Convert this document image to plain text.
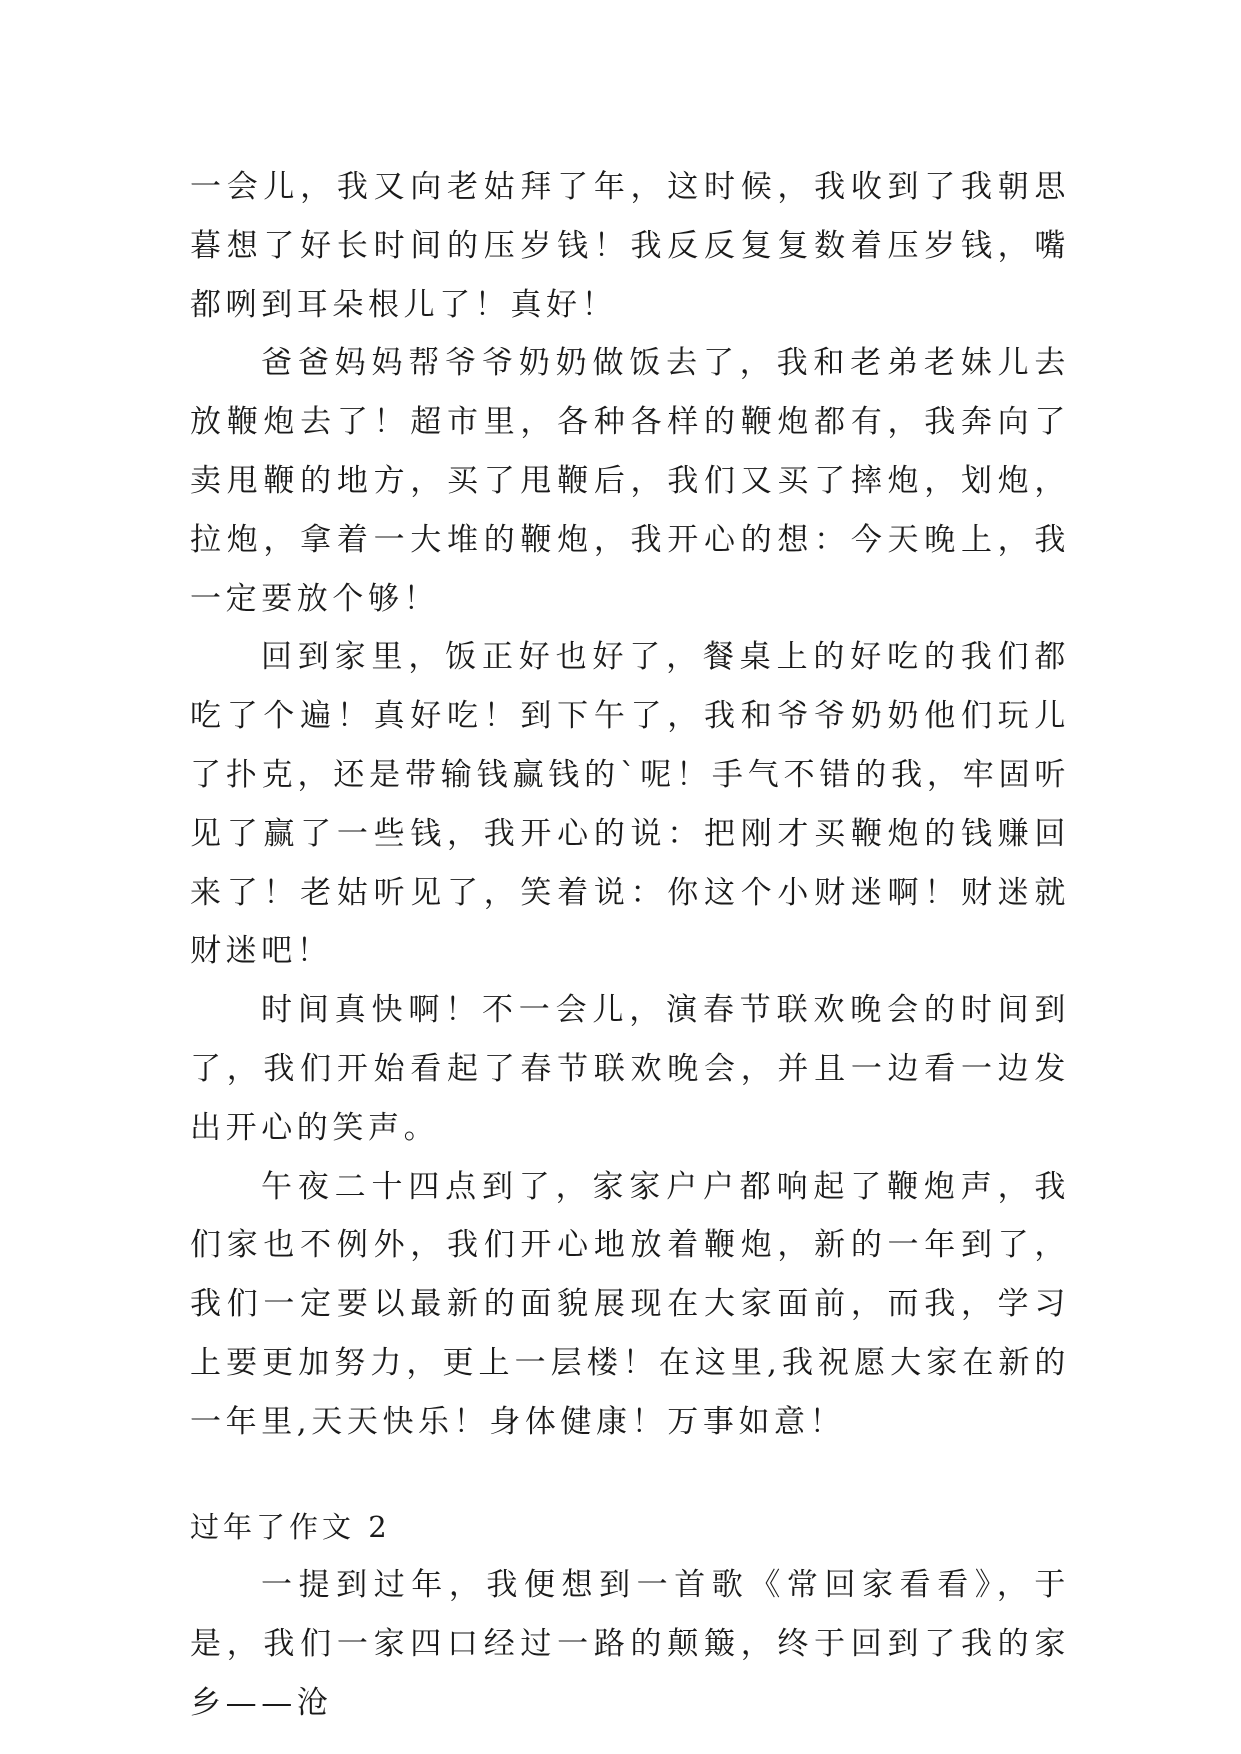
一会儿，我又向老姑拜了年，这时候，我收到了我朝思暮想了好长时间的压岁钱！我反反复复数着压岁钱，嘴都咧到耳朵根儿了！真好！

爸爸妈妈帮爷爷奶奶做饭去了，我和老弟老妹儿去放鞭炮去了！超市里，各种各样的鞭炮都有，我奔向了卖甩鞭的地方，买了甩鞭后，我们又买了摔炮，划炮，拉炮，拿着一大堆的鞭炮，我开心的想：今天晚上，我一定要放个够！

回到家里，饭正好也好了，餐桌上的好吃的我们都吃了个遍！真好吃！到下午了，我和爷爷奶奶他们玩儿了扑克，还是带输钱赢钱的`呢！手气不错的我，牢固听见了赢了一些钱，我开心的说：把刚才买鞭炮的钱赚回来了！老姑听见了，笑着说：你这个小财迷啊！财迷就财迷吧！

时间真快啊！不一会儿，演春节联欢晚会的时间到了，我们开始看起了春节联欢晚会，并且一边看一边发出开心的笑声。

午夜二十四点到了，家家户户都响起了鞭炮声，我们家也不例外，我们开心地放着鞭炮，新的一年到了，我们一定要以最新的面貌展现在大家面前，而我，学习上要更加努力，更上一层楼！在这里,我祝愿大家在新的一年里,天天快乐！身体健康！万事如意！

过年了作文 2

一提到过年，我便想到一首歌《常回家看看》，于是，我们一家四口经过一路的颠簸，终于回到了我的家乡——沧
